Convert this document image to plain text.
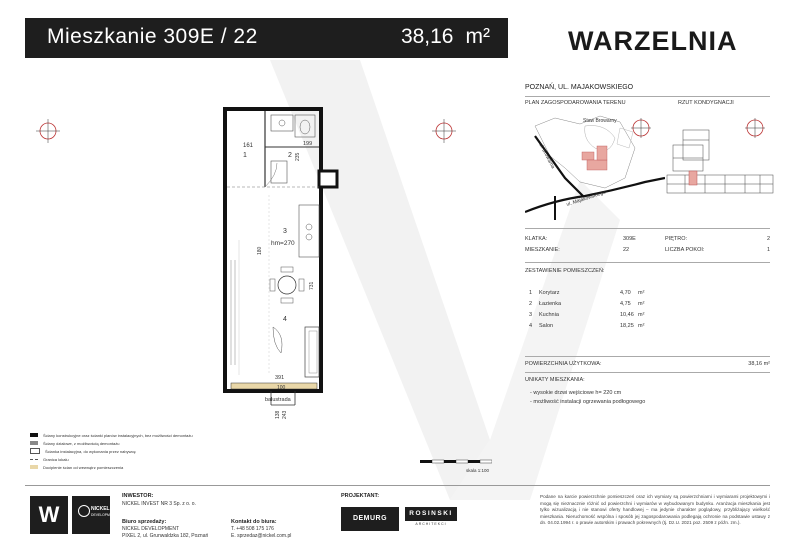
Mieszkanie 309E / 22	38,16 m²	WARZELNIA
POZNAŃ, UL. MAJAKOWSKIEGO
PLAN ZAGOSPODAROWANIA TERENU	RZUT KONDYGNACJI
Staw Browarny
ul. Browarna
ul. Majakowskiego
KLATKA:	309E	PIĘTRO:	2
MIESZKANIE:	22	LICZBA POKOI:	1
ZESTAWIENIE POMIESZCZEŃ:
1 Korytarz	4,70 m²
2 Łazienka	4,75 m²
3 Kuchnia	10,46 m²
4 Salon	18,25 m²
POWIERZCHNIA UŻYTKOWA:	38,16 m²
UNIKATY MIESZKANIA:
- wysokie drzwi wejściowe h= 220 cm
- możliwość instalacji ogrzewania podłogowego
161	199
235
1	2
3
hm=270
180
731
4
391
100
balustrada
138 243
Ściany konstrukcyjne oraz ścianki planów instalacyjnych, bez możliwości demontażu
Ściany działowe, z możliwością demontażu
Ścianka instalacyjna, do wykonania przez nabywcę
Granica lokalu
Dociplenie ścian od wewnątrz pomieszczenia
skala 1:100
W	NICKEL
DEVELOPMENT
INWESTOR:
NICKEL INVEST NR 3 Sp. z o. o.
Biuro sprzedaży:
NICKEL DEVELOPMENT
PIXEL 2, ul. Grunwaldzka 182, Poznań
Kontakt do biura:
T. +48 508 175 176
E. sprzedaz@nickel.com.pl
PROJEKTANT:
DEMURG
ROSINSKI
ARCHITEKCI
Podane na karcie powierzchnie pomieszczeń oraz ich wymiary są powierzchniami i wymiarami projektowymi i mogą się nieznacznie różnić od powierzchni i wymiarów w wybudowanym budynku. Aranżacja mieszkania jest tylko wizualizacją i nie stanowi oferty handlowej – ma jedynie charakter poglądowy, przybliżający wielkość mieszkania. Nieruchomość wspólna i sposób jej zagospodarowania podlegają ochronie na podstawie ustawy z dn. 04.02.1994 r. o prawie autorskim i prawach pokrewnych (tj. Dz.U. 2021 poz. 2509 z późn. zm.).
